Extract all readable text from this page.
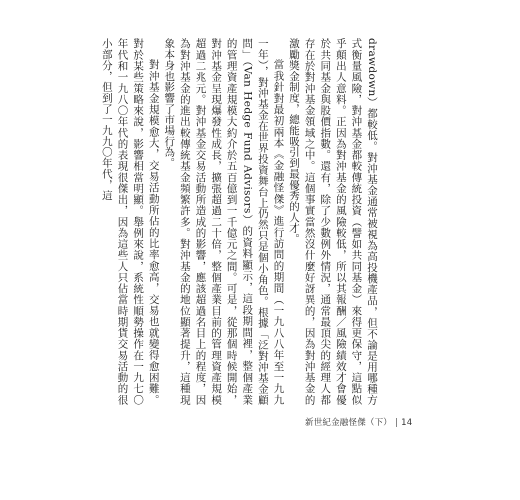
drawdown）都較低。對沖基金通常被視為高投機產品，但不論是用哪種方式衡量風險，對沖基金都較傳統投資（譬如共同基金）來得更保守，這點似乎顛出人意料。正因為對沖基金的風險較低，所以其報酬／風險績效才會優於共同基金與股價指數。還有，除了少數例外情況，通常最頂尖的經理人都存在於對沖基金領域之中。這個事實當然沒什麼好訝異的，因為對沖基金的激勵獎金制度，總能吸引到最優秀的人才。

當我針對最初兩本《金融怪傑》進行訪問的期間（一九八八年至一九九一年），對沖基金在世界投資舞台上仍然只是個小角色。根據「泛對沖基金顧問」（Van Hedge Fund Advisors）的資料顯示，這段期間裡，整個產業的管理資產規模大約介於五百億到一千億元之間。可是，從那個時候開始，對沖基金呈現爆發性成長，擴張超過二十倍，整個產業目前的管理資產規模超過二兆元。對沖基金交易活動所造成的影響，應該超過名目上的程度，因為對沖基金的進出較傳統基金頻繁許多。對沖基金的地位顯著提升，這種現象本身也影響了市場行為。

對沖基金規模愈大，交易活動所佔的比率愈高，交易也就變得愈困難。對於某些策略來說，影響相當明顯。舉例來說，系統性順勢操作在一九七〇年代和一九八〇年代的表現很傑出，因為這些人只佔當時期貨交易活動的很小部分，但到了一九九〇年代，這

新世紀金融怪傑（下） | 14
